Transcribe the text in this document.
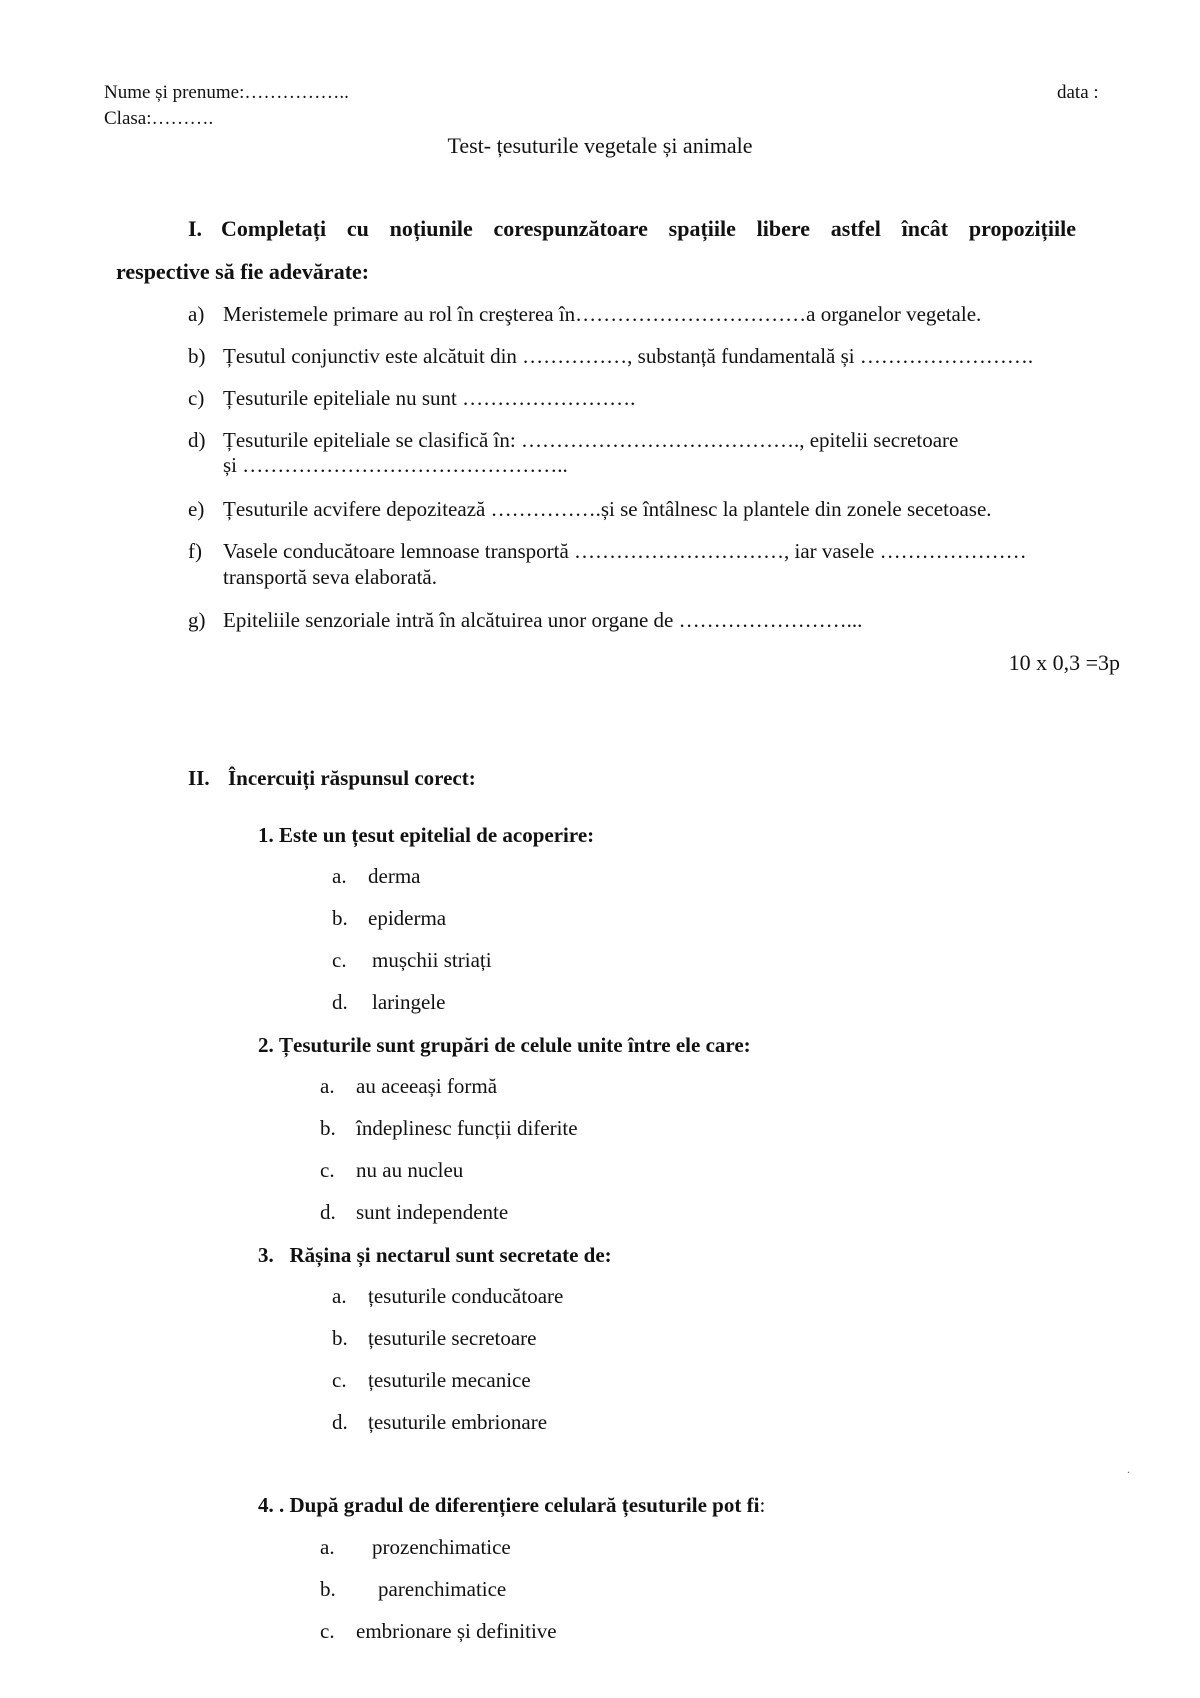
Nume și prenume:……………..	data :
Clasa:……….
Test- țesuturile vegetale și animale
I. Completați cu noțiunile corespunzătoare spațiile libere astfel încât propozițiile
respective să fie adevărate:
a) Meristemele primare au rol în creşterea în……………………………a organelor vegetale.
b) Țesutul conjunctiv este alcătuit din ……………, substanță fundamentală și …………………….
c) Țesuturile epiteliale nu sunt …………………….
d) Țesuturile epiteliale se clasifică în: …………………………………., epitelii secretoare
și ………………………………………..
e) Țesuturile acvifere depozitează …………….și se întâlnesc la plantele din zonele secetoase.
f) Vasele conducătoare lemnoase transportă …………………………, iar vasele …………………
transportă seva elaborată.
g) Epiteliile senzoriale intră în alcătuirea unor organe de ……………………...
10 x 0,3 =3p
II. Încercuiți răspunsul corect:
1. Este un țesut epitelial de acoperire:
a. derma
b. epiderma
c. mușchii striați
d. laringele
2. Țesuturile sunt grupări de celule unite între ele care:
a. au aceeași formă
b. îndeplinesc funcții diferite
c. nu au nucleu
d. sunt independente
3.   Rășina și nectarul sunt secretate de:
a. țesuturile conducătoare
b. țesuturile secretoare
c. țesuturile mecanice
d. țesuturile embrionare
.
4. . După gradul de diferențiere celulară țesuturile pot fi:
a. prozenchimatice
b. parenchimatice
c. embrionare și definitive
